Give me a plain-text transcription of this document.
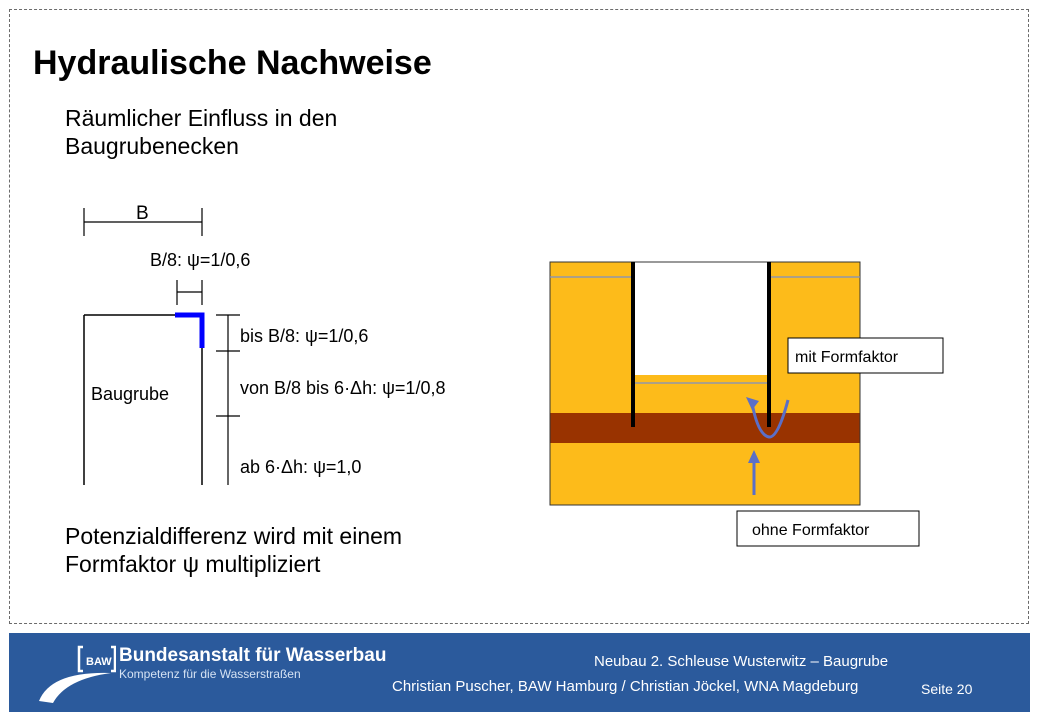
Hydraulische Nachweise
Räumlicher Einfluss in den Baugrubenecken
Potenzialdifferenz wird mit einem Formfaktor ψ multipliziert
B
B/8: ψ=1/0,6
bis B/8: ψ=1/0,6
von B/8 bis 6·Δh: ψ=1/0,8
ab 6·Δh: ψ=1,0
Baugrube
mit Formfaktor
ohne Formfaktor
BAW Bundesanstalt für Wasserbau
Kompetenz für die Wasserstraßen
Neubau 2. Schleuse Wusterwitz – Baugrube
Christian Puscher, BAW Hamburg / Christian Jöckel, WNA Magdeburg	Seite 20
